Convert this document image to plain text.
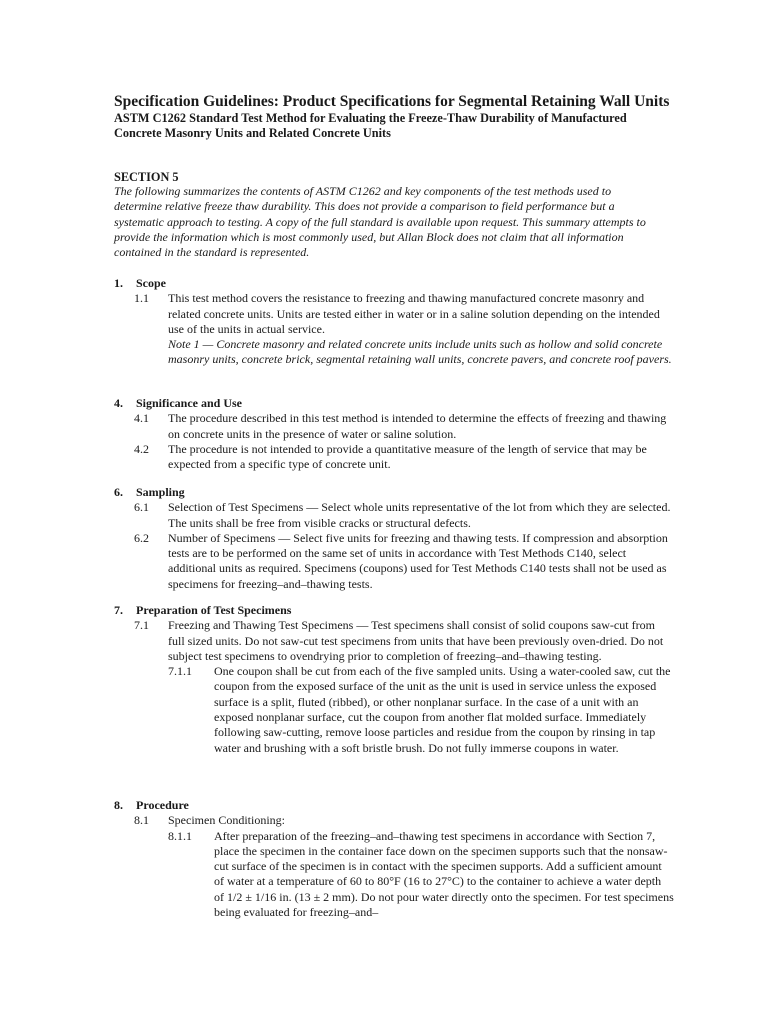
Specification Guidelines: Product Specifications for Segmental Retaining Wall Units
ASTM C1262 Standard Test Method for Evaluating the Freeze-Thaw Durability of Manufactured Concrete Masonry Units and Related Concrete Units
SECTION 5
The following summarizes the contents of ASTM C1262 and key components of the test methods used to determine relative freeze thaw durability. This does not provide a comparison to field performance but a systematic approach to testing. A copy of the full standard is available upon request. This summary attempts to provide the information which is most commonly used, but Allan Block does not claim that all information contained in the standard is represented.
1.	Scope
1.1	This test method covers the resistance to freezing and thawing manufactured concrete masonry and related concrete units. Units are tested either in water or in a saline solution depending on the intended use of the units in actual service.
Note 1 — Concrete masonry and related concrete units include units such as hollow and solid concrete masonry units, concrete brick, segmental retaining wall units, concrete pavers, and concrete roof pavers.
4.	Significance and Use
4.1	The procedure described in this test method is intended to determine the effects of freezing and thawing on concrete units in the presence of water or saline solution.
4.2	The procedure is not intended to provide a quantitative measure of the length of service that may be expected from a specific type of concrete unit.
6.	Sampling
6.1	Selection of Test Specimens — Select whole units representative of the lot from which they are selected. The units shall be free from visible cracks or structural defects.
6.2	Number of Specimens — Select five units for freezing and thawing tests. If compression and absorption tests are to be performed on the same set of units in accordance with Test Methods C140, select additional units as required. Specimens (coupons) used for Test Methods C140 tests shall not be used as specimens for freezing–and–thawing tests.
7.	Preparation of Test Specimens
7.1	Freezing and Thawing Test Specimens — Test specimens shall consist of solid coupons saw-cut from full sized units. Do not saw-cut test specimens from units that have been previously oven-dried. Do not subject test specimens to ovendrying prior to completion of freezing–and–thawing testing.
7.1.1	One coupon shall be cut from each of the five sampled units. Using a water-cooled saw, cut the coupon from the exposed surface of the unit as the unit is used in service unless the exposed surface is a split, fluted (ribbed), or other nonplanar surface. In the case of a unit with an exposed nonplanar surface, cut the coupon from another flat molded surface. Immediately following saw-cutting, remove loose particles and residue from the coupon by rinsing in tap water and brushing with a soft bristle brush. Do not fully immerse coupons in water.
8.	Procedure
8.1	Specimen Conditioning:
8.1.1	After preparation of the freezing–and–thawing test specimens in accordance with Section 7, place the specimen in the container face down on the specimen supports such that the nonsaw-cut surface of the specimen is in contact with the specimen supports. Add a sufficient amount of water at a temperature of 60 to 80°F (16 to 27°C) to the container to achieve a water depth of 1/2 ± 1/16 in. (13 ± 2 mm). Do not pour water directly onto the specimen. For test specimens being evaluated for freezing–and–
